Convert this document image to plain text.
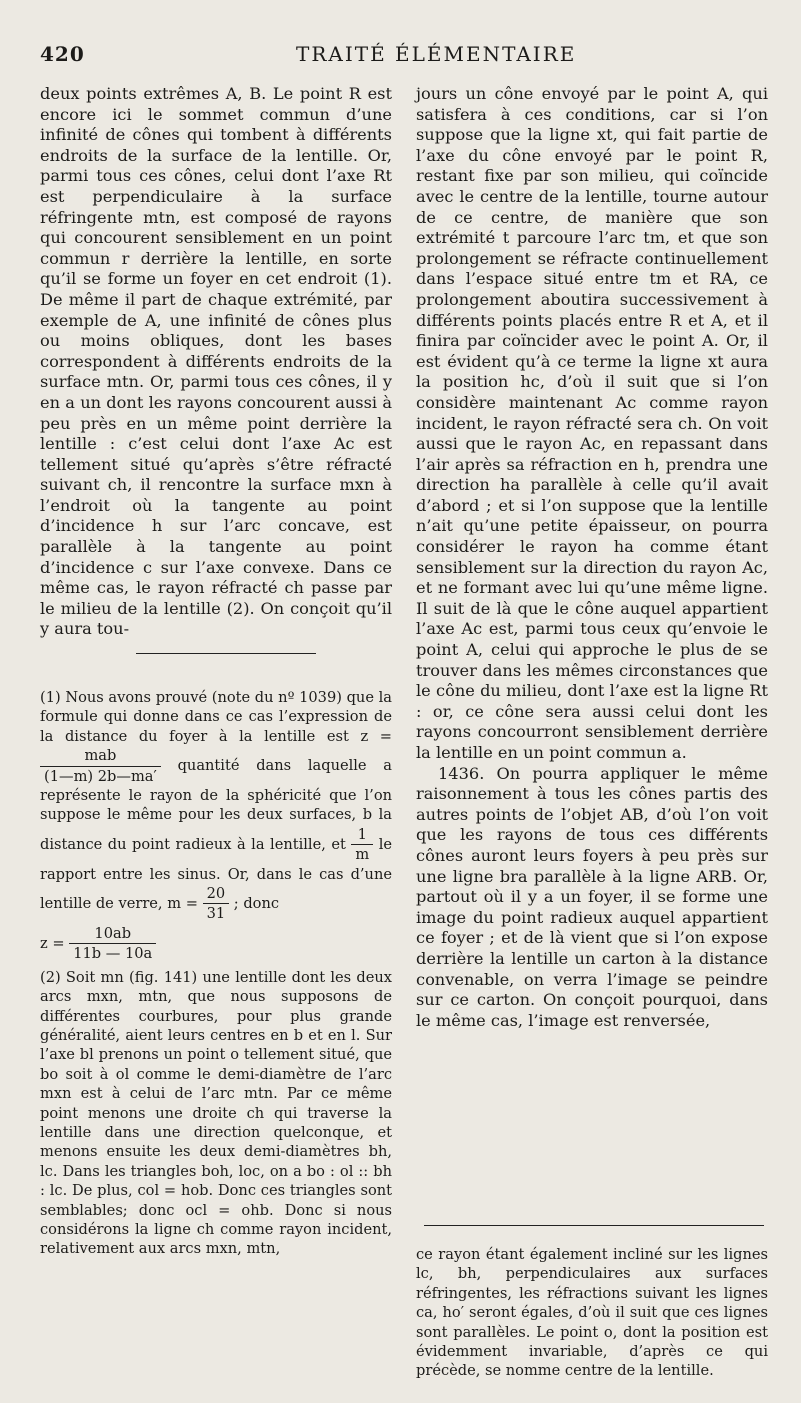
420	TRAITÉ ÉLÉMENTAIRE

deux points extrêmes A, B. Le point R est encore ici le sommet commun d’une infinité de cônes qui tombent à différents endroits de la surface de la lentille. Or, parmi tous ces cônes, celui dont l’axe Rt est perpendiculaire à la surface réfringente mtn, est composé de rayons qui concourent sensiblement en un point commun r derrière la lentille, en sorte qu’il se forme un foyer en cet endroit (1). De même il part de chaque extrémité, par exemple de A, une infinité de cônes plus ou moins obliques, dont les bases correspondent à différents endroits de la surface mtn. Or, parmi tous ces cônes, il y en a un dont les rayons concourent aussi à peu près en un même point derrière la lentille : c’est celui dont l’axe Ac est tellement situé qu’après s’être réfracté suivant ch, il rencontre la surface mxn à l’endroit où la tangente au point d’incidence h sur l’arc concave, est parallèle à la tangente au point d’incidence c sur l’axe convexe. Dans ce même cas, le rayon réfracté ch passe par le milieu de la lentille (2). On conçoit qu’il y aura tou-

(1) Nous avons prouvé (note du nº 1039) que la formule qui donne dans ce cas l’expression de la distance du foyer à la lentille est z =
mab
(1—m) 2b—ma′
quantité dans laquelle a représente le rayon de la sphéricité que l’on suppose le même pour les deux surfaces, b la distance du point radieux à la lentille, et $\frac{1}{m}$ le rapport entre les sinus. Or, dans le cas d’une lentille de verre, $m = \frac{20}{31}$ ; donc
$z = \frac{10ab}{11b — 10a}$

(2) Soit mn (fig. 141) une lentille dont les deux arcs mxn, mtn, que nous supposons de différentes courbures, pour plus grande généralité, aient leurs centres en b et en l. Sur l’axe bl prenons un point o tellement situé, que bo soit à ol comme le demi-diamètre de l’arc mxn est à celui de l’arc mtn. Par ce même point menons une droite ch qui traverse la lentille dans une direction quelconque, et menons ensuite les deux demi-diamètres bh, lc. Dans les triangles boh, loc, on a bo : ol :: bh : lc. De plus, col = hob. Donc ces triangles sont semblables; donc ocl = ohb. Donc si nous considérons la ligne ch comme rayon incident, relativement aux arcs mxn, mtn,

jours un cône envoyé par le point A, qui satisfera à ces conditions, car si l’on suppose que la ligne xt, qui fait partie de l’axe du cône envoyé par le point R, restant fixe par son milieu, qui coïncide avec le centre de la lentille, tourne autour de ce centre, de manière que son extrémité t parcoure l’arc tm, et que son prolongement se réfracte continuellement dans l’espace situé entre tm et RA, ce prolongement aboutira successivement à différents points placés entre R et A, et il finira par coïncider avec le point A. Or, il est évident qu’à ce terme la ligne xt aura la position hc, d’où il suit que si l’on considère maintenant Ac comme rayon incident, le rayon réfracté sera ch. On voit aussi que le rayon Ac, en repassant dans l’air après sa réfraction en h, prendra une direction ha parallèle à celle qu’il avait d’abord ; et si l’on suppose que la lentille n’ait qu’une petite épaisseur, on pourra considérer le rayon ha comme étant sensiblement sur la direction du rayon Ac, et ne formant avec lui qu’une même ligne. Il suit de là que le cône auquel appartient l’axe Ac est, parmi tous ceux qu’envoie le point A, celui qui approche le plus de se trouver dans les mêmes circonstances que le cône du milieu, dont l’axe est la ligne Rt : or, ce cône sera aussi celui dont les rayons concourront sensiblement derrière la lentille en un point commun a.

1436. On pourra appliquer le même raisonnement à tous les cônes partis des autres points de l’objet AB, d’où l’on voit que les rayons de tous ces différents cônes auront leurs foyers à peu près sur une ligne bra parallèle à la ligne ARB. Or, partout où il y a un foyer, il se forme une image du point radieux auquel appartient ce foyer ; et de là vient que si l’on expose derrière la lentille un carton à la distance convenable, on verra l’image se peindre sur ce carton. On conçoit pourquoi, dans le même cas, l’image est renversée,

ce rayon étant également incliné sur les lignes lc, bh, perpendiculaires aux surfaces réfringentes, les réfractions suivant les lignes ca, ho′ seront égales, d’où il suit que ces lignes sont parallèles. Le point o, dont la position est évidemment invariable, d’après ce qui précède, se nomme centre de la lentille.
